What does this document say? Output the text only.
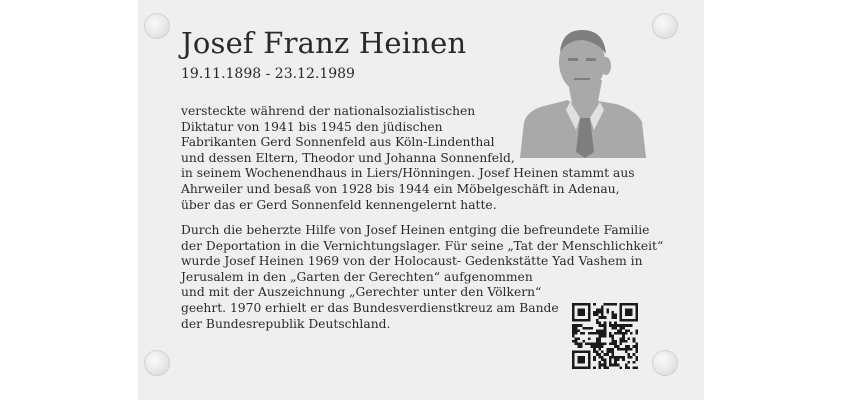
Josef Franz Heinen
19.11.1898 - 23.12.1989
versteckte während der nationalsozialistischen
Diktatur von 1941 bis 1945 den jüdischen
Fabrikanten Gerd Sonnenfeld aus Köln-Lindenthal
und dessen Eltern, Theodor und Johanna Sonnenfeld,
in seinem Wochenendhaus in Liers/Hönningen. Josef Heinen stammt aus
Ahrweiler und besaß von 1928 bis 1944 ein Möbelgeschäft in Adenau,
über das er Gerd Sonnenfeld kennengelernt hatte.
Durch die beherzte Hilfe von Josef Heinen entging die befreundete Familie
der Deportation in die Vernichtungslager. Für seine „Tat der Menschlichkeit“
wurde Josef Heinen 1969 von der Holocaust- Gedenkstätte Yad Vashem in
Jerusalem in den „Garten der Gerechten“ aufgenommen
und mit der Auszeichnung „Gerechter unter den Völkern“
geehrt. 1970 erhielt er das Bundesverdienstkreuz am Bande
der Bundesrepublik Deutschland.
